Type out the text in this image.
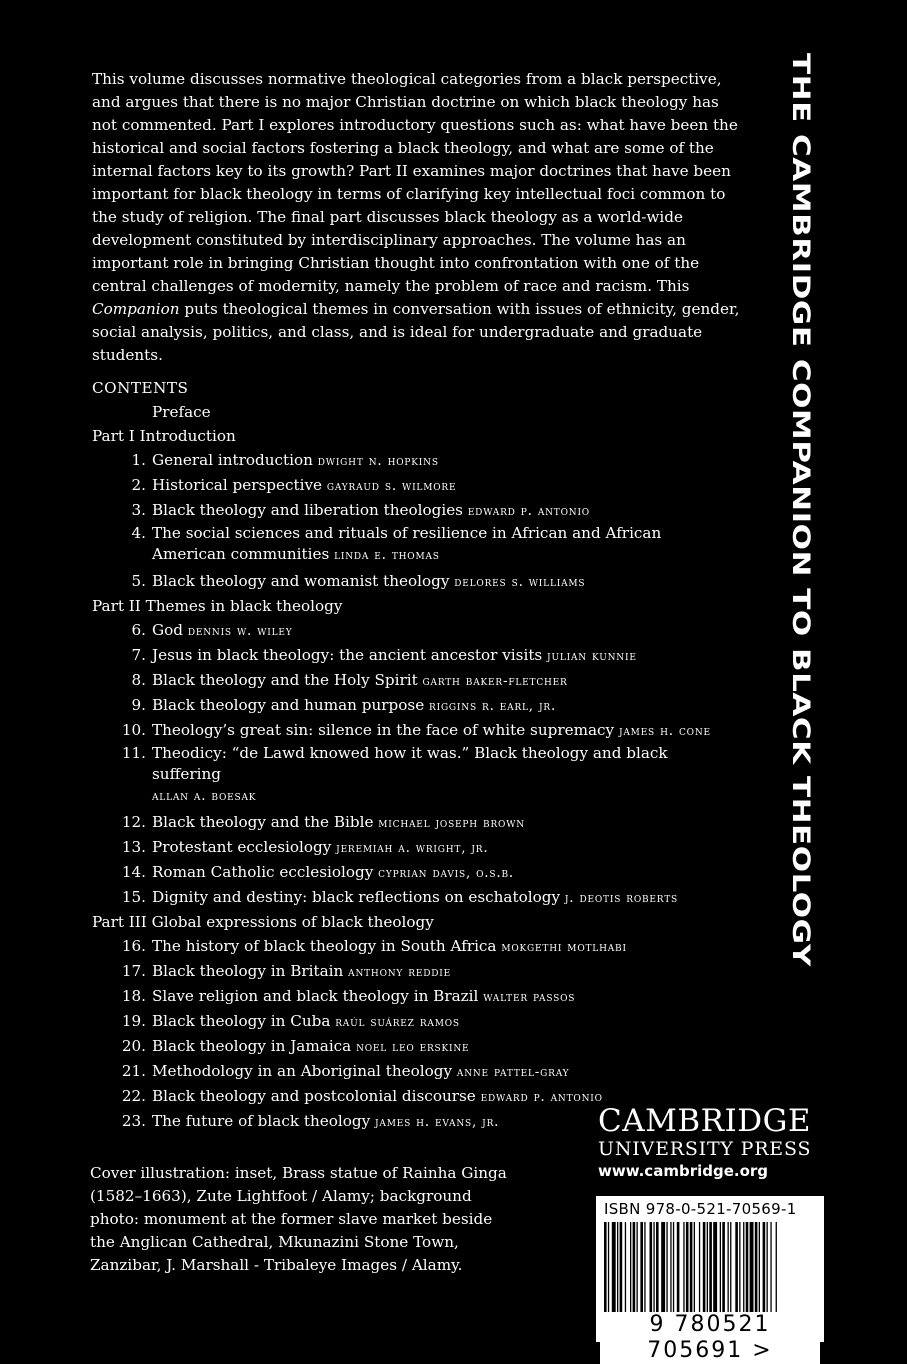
This volume discusses normative theological categories from a black perspective, and argues that there is no major Christian doctrine on which black theology has not commented. Part I explores introductory questions such as: what have been the historical and social factors fostering a black theology, and what are some of the internal factors key to its growth? Part II examines major doctrines that have been important for black theology in terms of clarifying key intellectual foci common to the study of religion. The final part discusses black theology as a world-wide development constituted by interdisciplinary approaches. The volume has an important role in bringing Christian thought into confrontation with one of the central challenges of modernity, namely the problem of race and racism. This Companion puts theological themes in conversation with issues of ethnicity, gender, social analysis, politics, and class, and is ideal for undergraduate and graduate students.

CONTENTS
Preface
Part I Introduction
1. General introduction dwight n. hopkins
2. Historical perspective gayraud s. wilmore
3. Black theology and liberation theologies edward p. antonio
4. The social sciences and rituals of resilience in African and African American communities linda e. thomas
5. Black theology and womanist theology delores s. williams
Part II Themes in black theology
6. God dennis w. wiley
7. Jesus in black theology: the ancient ancestor visits julian kunnie
8. Black theology and the Holy Spirit garth baker-fletcher
9. Black theology and human purpose riggins r. earl, jr.
10. Theology’s great sin: silence in the face of white supremacy james h. cone
11. Theodicy: “de Lawd knowed how it was.” Black theology and black suffering
allan a. boesak
12. Black theology and the Bible michael joseph brown
13. Protestant ecclesiology jeremiah a. wright, jr.
14. Roman Catholic ecclesiology cyprian davis, o.s.b.
15. Dignity and destiny: black reflections on eschatology j. deotis roberts
Part III Global expressions of black theology
16. The history of black theology in South Africa mokgethi motlhabi
17. Black theology in Britain anthony reddie
18. Slave religion and black theology in Brazil walter passos
19. Black theology in Cuba raúl suárez ramos
20. Black theology in Jamaica noel leo erskine
21. Methodology in an Aboriginal theology anne pattel-gray
22. Black theology and postcolonial discourse edward p. antonio
23. The future of black theology james h. evans, jr.
THE CAMBRIDGE COMPANION TO BLACK THEOLOGY

Cover illustration: inset, Brass statue of Rainha Ginga (1582–1663), Zute Lightfoot / Alamy; background photo: monument at the former slave market beside the Anglican Cathedral, Mkunazini Stone Town, Zanzibar, J. Marshall - Tribaleye Images / Alamy.

CAMBRIDGE

UNIVERSITY PRESS

www.cambridge.org

ISBN 978-0-521-70569-1
9 780521 705691 >
